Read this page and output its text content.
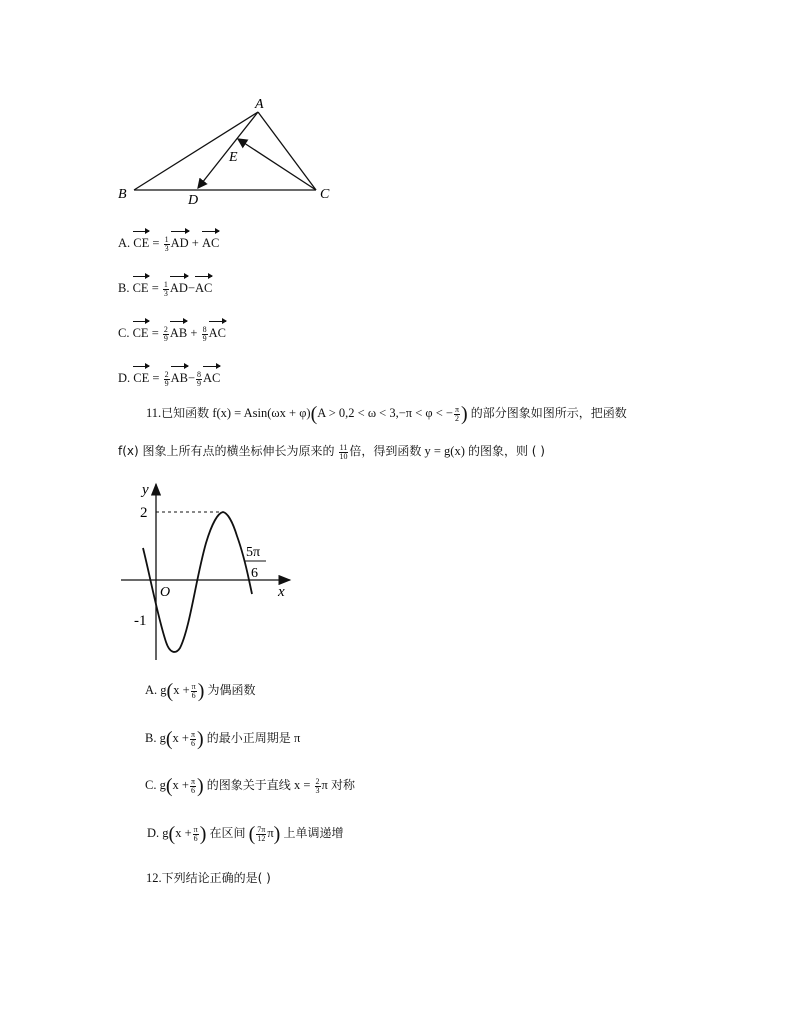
A
B	C
D
E
A. CE = $\frac{1}{3}$ AD + AC
B. CE = $\frac{1}{3} AD-AC$
C. CE = $\frac{2}{9}$ AB + $\frac{8}{9}$ AC
D. CE = $\frac{2}{9} AB- \frac{8}{9}$ AC
11.已知函数 f(x) = Asin(ωx + φ)(A > 0,2 < ω < 3,−π < φ < − $\frac{\pi}{2}$ ) 的部分图象如图所示，把函数
f(x) 图象上所有点的横坐标伸长为原来的 $\frac{11}{10}$ 倍，得到函数 y = g(x) 的图象，则 ( )
y
x
O
2
-1
5π
6
A. $g(x + \frac{\pi}{6}$ ) 为偶函数
B. $g(x + \frac{\pi}{6}$ ) 的最小正周期是 π
C. $g(x + \frac{\pi}{6}$ ) 的图象关于直线 $x = \frac{2}{3}$ π 对称
D. $g(x + \frac{\pi}{6}$ ) 在区间 ( $\frac{7\pi}{12} \pi$) 上单调递增
12.下列结论正确的是( )
